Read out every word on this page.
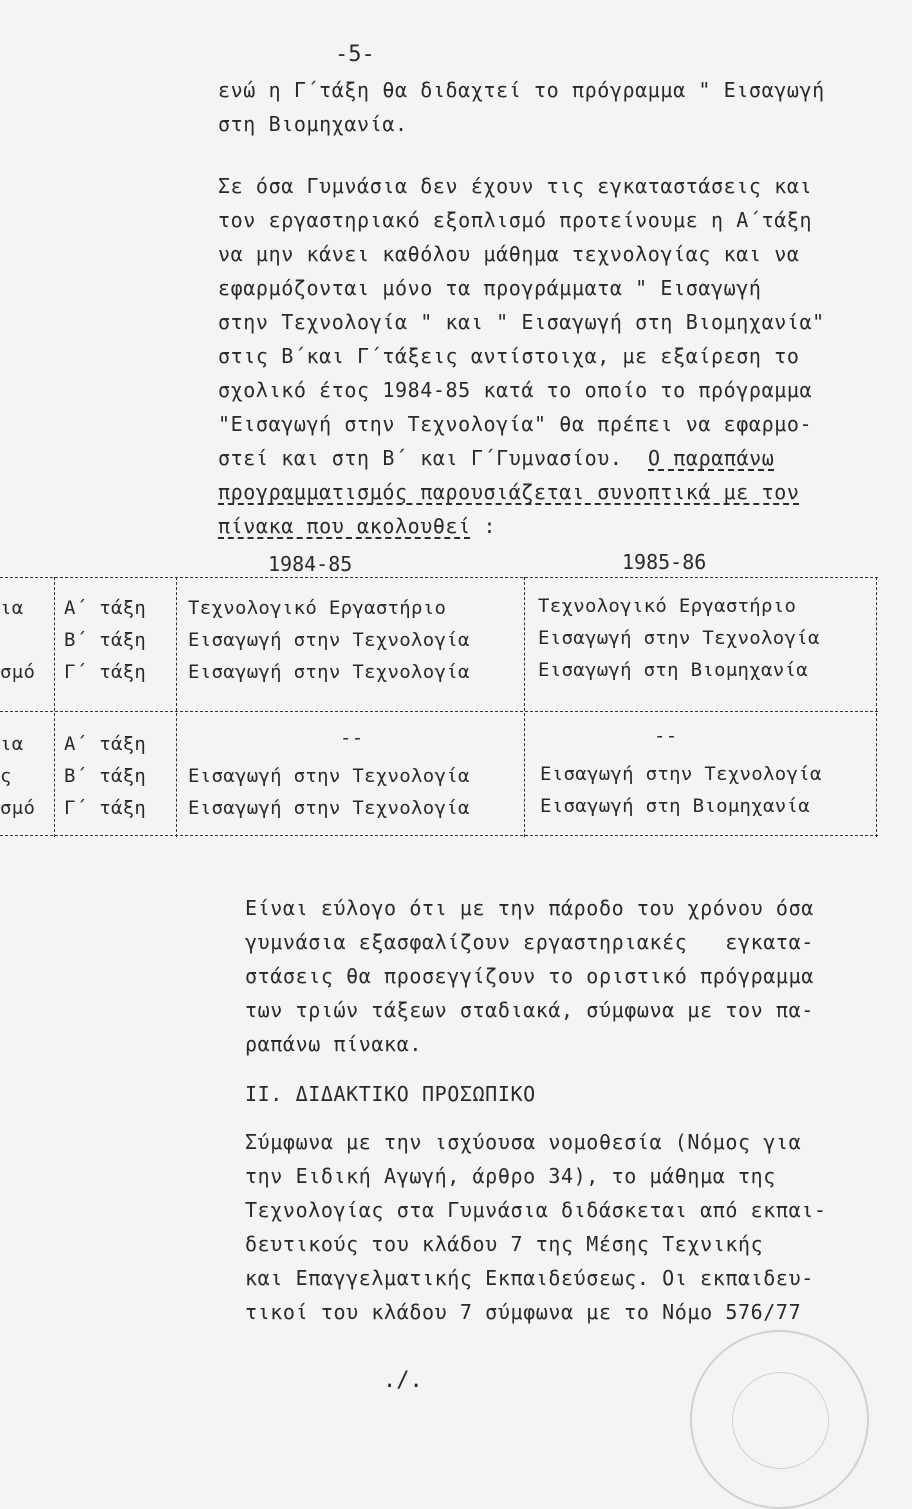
-5-
ενώ η Γ΄τάξη θα διδαχτεί το πρόγραμμα " Εισαγωγή
στη Βιομηχανία.
Σε όσα Γυμνάσια δεν έχουν τις εγκαταστάσεις και
τον εργαστηριακό εξοπλισμό προτείνουμε η Α΄τάξη
να μην κάνει καθόλου μάθημα τεχνολογίας και να
εφαρμόζονται μόνο τα προγράμματα " Εισαγωγή
στην Τεχνολογία " και " Εισαγωγή στη Βιομηχανία"
στις Β΄και Γ΄τάξεις αντίστοιχα, με εξαίρεση το
σχολικό έτος 1984-85 κατά το οποίο το πρόγραμμα
"Εισαγωγή στην Τεχνολογία" θα πρέπει να εφαρμο-
στεί και στη Β΄ και Γ΄Γυμνασίου. Ο παραπάνω
προγραμματισμός παρουσιάζεται συνοπτικά με τον
πίνακα που ακολουθεί :
1984-85	1985-86
ια
σμό
Α΄ τάξη
Β΄ τάξη
Γ΄ τάξη
Τεχνολογικό Εργαστήριο
Εισαγωγή στην Τεχνολογία
Εισαγωγή στην Τεχνολογία
Τεχνολογικό Εργαστήριο
Εισαγωγή στην Τεχνολογία
Εισαγωγή στη Βιομηχανία
ια
ς
σμό
Α΄ τάξη
Β΄ τάξη
Γ΄ τάξη
--
Εισαγωγή στην Τεχνολογία
Εισαγωγή στην Τεχνολογία
--
Εισαγωγή στην Τεχνολογία
Εισαγωγή στη Βιομηχανία
Είναι εύλογο ότι με την πάροδο του χρόνου όσα
γυμνάσια εξασφαλίζουν εργαστηριακές   εγκατα-
στάσεις θα προσεγγίζουν το οριστικό πρόγραμμα
των τριών τάξεων σταδιακά, σύμφωνα με τον πα-
ραπάνω πίνακα.
ΙΙ. ΔΙΔΑΚΤΙΚΟ ΠΡΟΣΩΠΙΚΟ
Σύμφωνα με την ισχύουσα νομοθεσία (Νόμος για
την Ειδική Αγωγή, άρθρο 34), το μάθημα της
Τεχνολογίας στα Γυμνάσια διδάσκεται από εκπαι-
δευτικούς του κλάδου 7 της Μέσης Τεχνικής
και Επαγγελματικής Εκπαιδεύσεως. Οι εκπαιδευ-
τικοί του κλάδου 7 σύμφωνα με το Νόμο 576/77
./.
